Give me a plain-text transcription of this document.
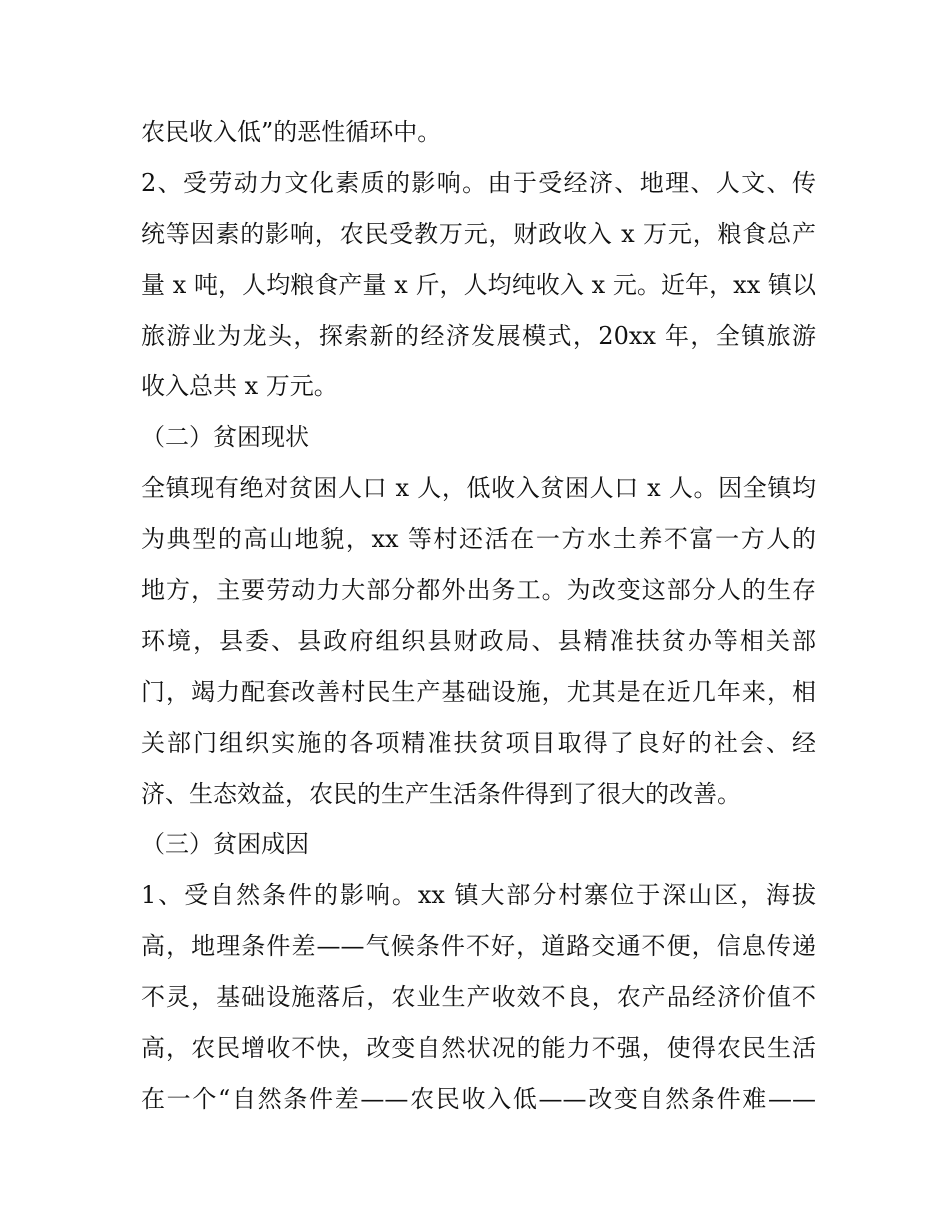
农民收入低”的恶性循环中。
2、受劳动力文化素质的影响。由于受经济、地理、人文、传
统等因素的影响，农民受教万元，财政收入 x 万元，粮食总产
量 x 吨，人均粮食产量 x 斤，人均纯收入 x 元。近年，xx 镇以
旅游业为龙头，探索新的经济发展模式，20xx 年，全镇旅游
收入总共 x 万元。
（二）贫困现状
全镇现有绝对贫困人口 x 人，低收入贫困人口 x 人。因全镇均
为典型的高山地貌，xx 等村还活在一方水土养不富一方人的
地方，主要劳动力大部分都外出务工。为改变这部分人的生存
环境，县委、县政府组织县财政局、县精准扶贫办等相关部
门，竭力配套改善村民生产基础设施，尤其是在近几年来，相
关部门组织实施的各项精准扶贫项目取得了良好的社会、经
济、生态效益，农民的生产生活条件得到了很大的改善。
（三）贫困成因
1、受自然条件的影响。xx 镇大部分村寨位于深山区，海拔
高，地理条件差——气候条件不好，道路交通不便，信息传递
不灵，基础设施落后，农业生产收效不良，农产品经济价值不
高，农民增收不快，改变自然状况的能力不强，使得农民生活
在一个“自然条件差——农民收入低——改变自然条件难——
